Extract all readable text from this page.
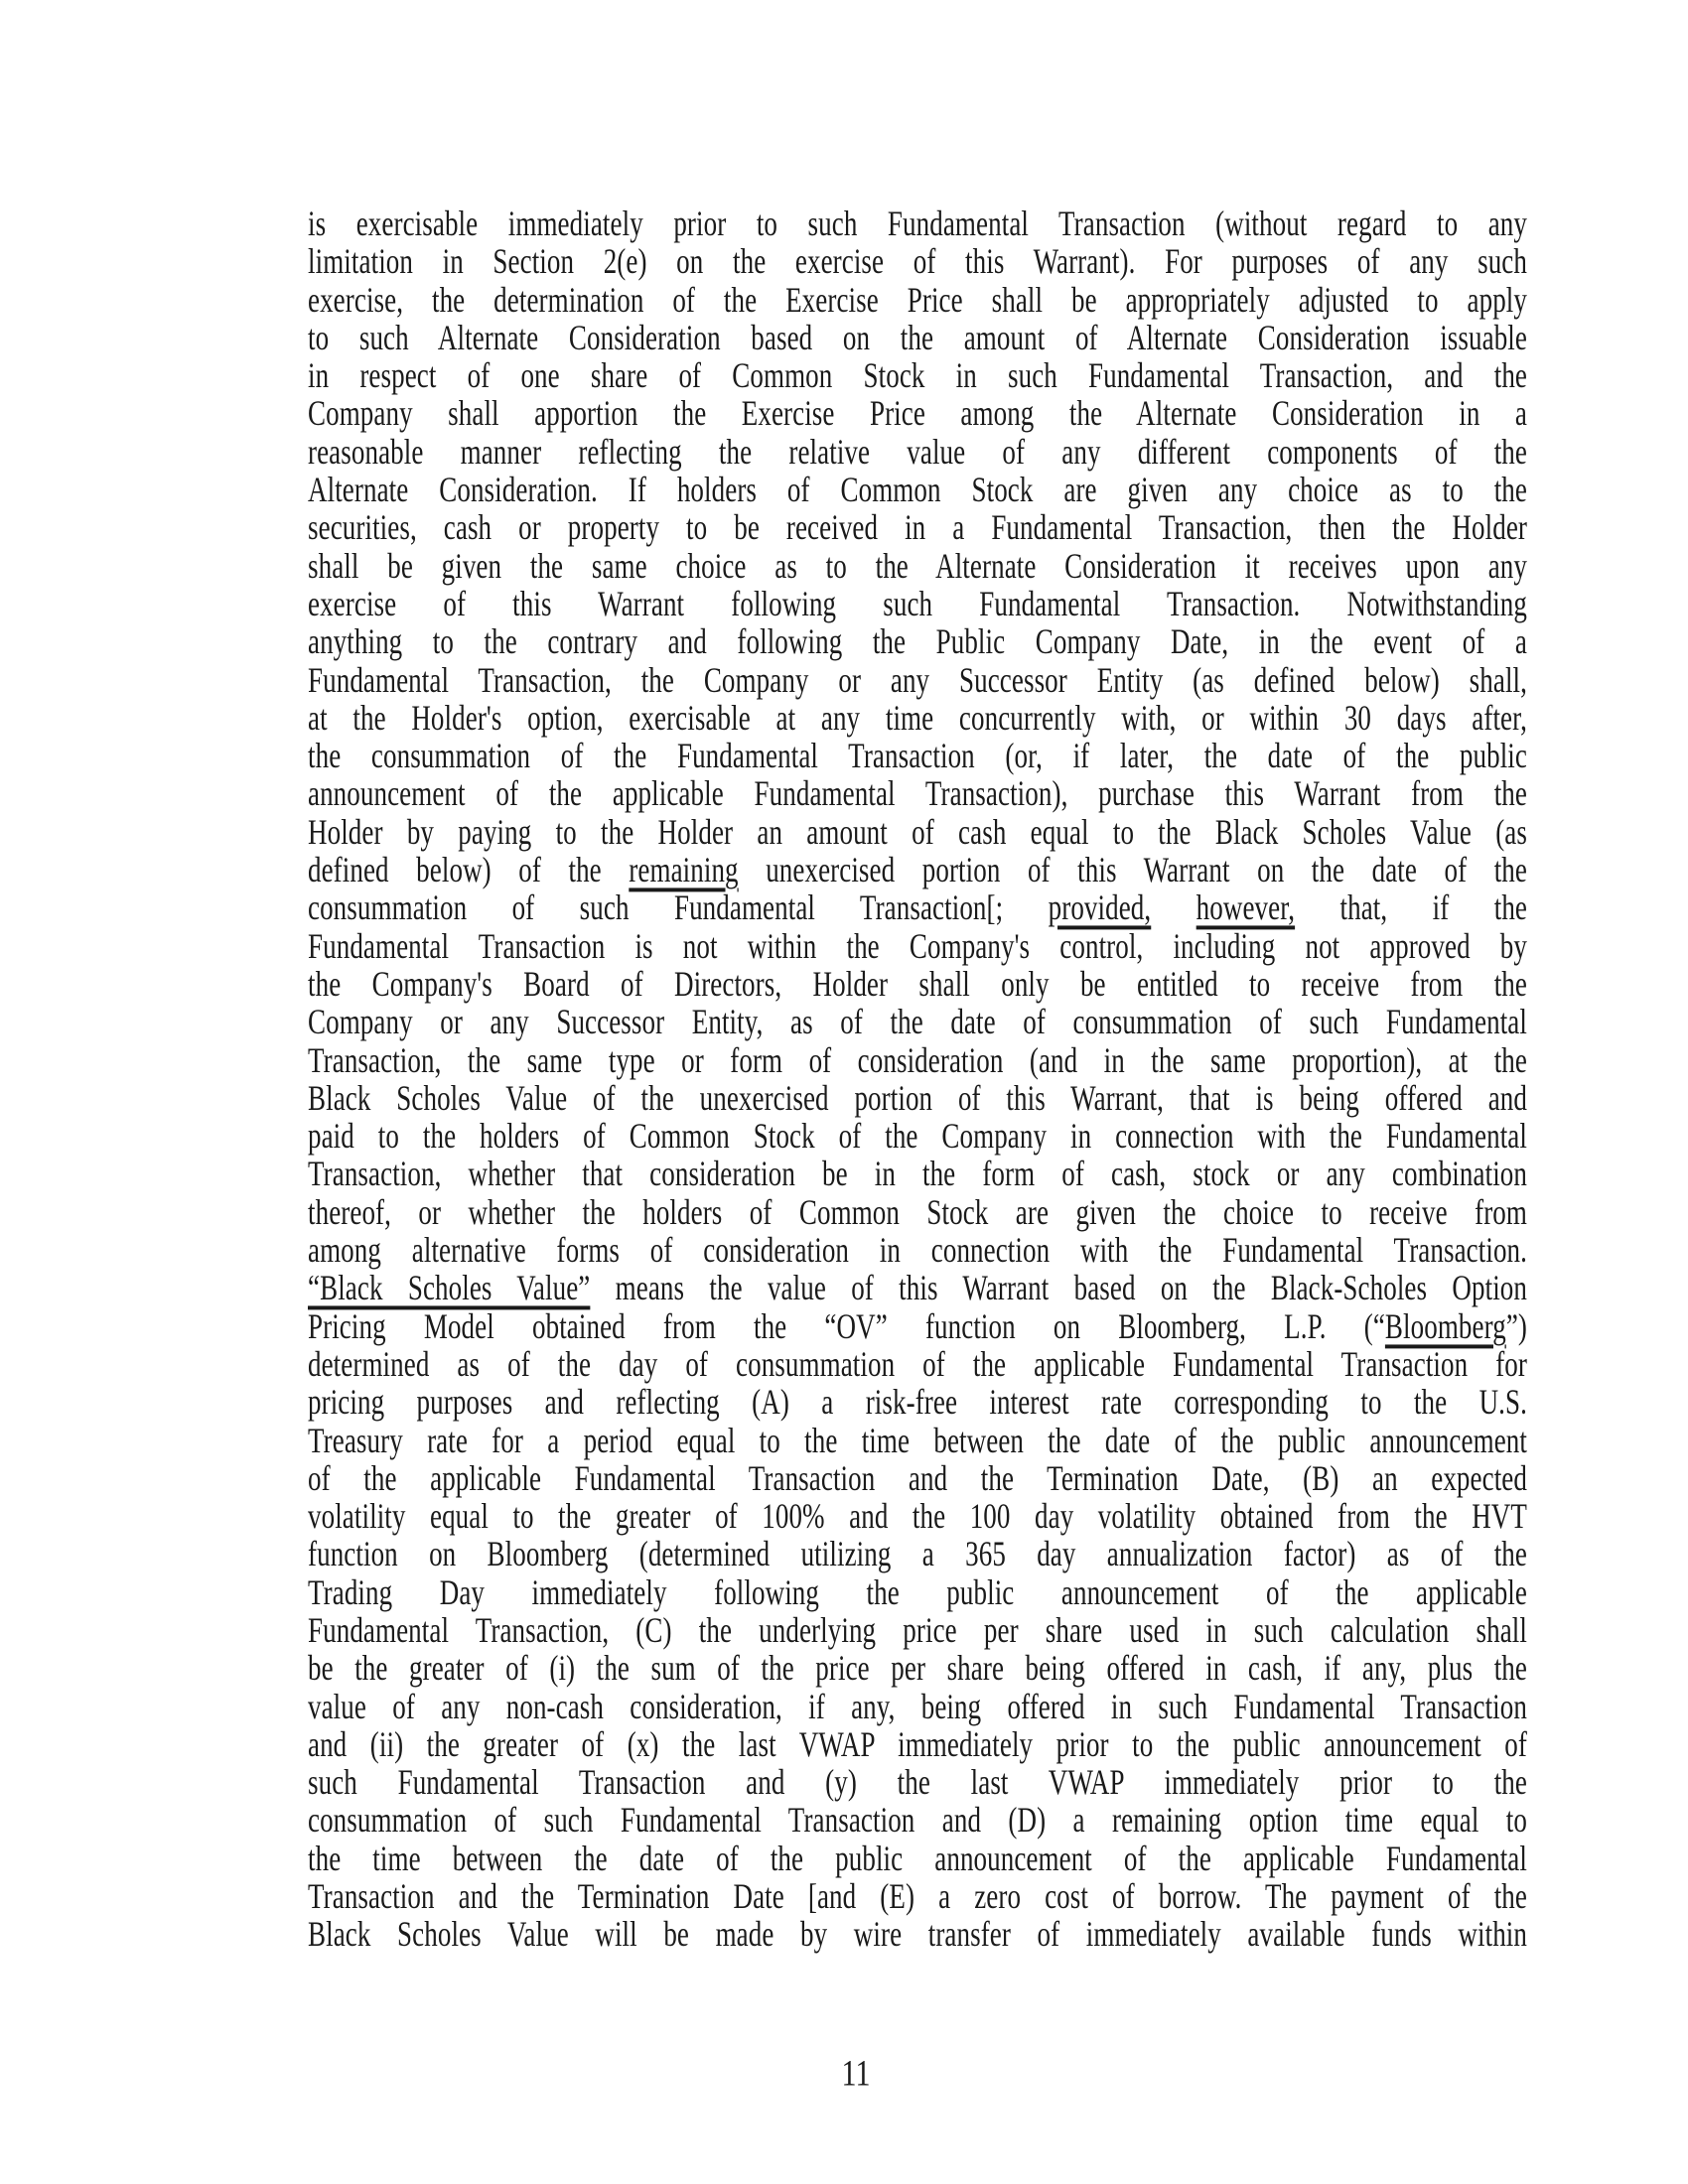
is exercisable immediately prior to such Fundamental Transaction (without regard to any
limitation in Section 2(e) on the exercise of this Warrant). For purposes of any such
exercise, the determination of the Exercise Price shall be appropriately adjusted to apply
to such Alternate Consideration based on the amount of Alternate Consideration issuable
in respect of one share of Common Stock in such Fundamental Transaction, and the
Company shall apportion the Exercise Price among the Alternate Consideration in a
reasonable manner reflecting the relative value of any different components of the
Alternate Consideration. If holders of Common Stock are given any choice as to the
securities, cash or property to be received in a Fundamental Transaction, then the Holder
shall be given the same choice as to the Alternate Consideration it receives upon any
exercise of this Warrant following such Fundamental Transaction. Notwithstanding
anything to the contrary and following the Public Company Date, in the event of a
Fundamental Transaction, the Company or any Successor Entity (as defined below) shall,
at the Holder's option, exercisable at any time concurrently with, or within 30 days after,
the consummation of the Fundamental Transaction (or, if later, the date of the public
announcement of the applicable Fundamental Transaction), purchase this Warrant from the
Holder by paying to the Holder an amount of cash equal to the Black Scholes Value (as
defined below) of the remaining unexercised portion of this Warrant on the date of the
consummation of such Fundamental Transaction[; provided, however, that, if the
Fundamental Transaction is not within the Company's control, including not approved by
the Company's Board of Directors, Holder shall only be entitled to receive from the
Company or any Successor Entity, as of the date of consummation of such Fundamental
Transaction, the same type or form of consideration (and in the same proportion), at the
Black Scholes Value of the unexercised portion of this Warrant, that is being offered and
paid to the holders of Common Stock of the Company in connection with the Fundamental
Transaction, whether that consideration be in the form of cash, stock or any combination
thereof, or whether the holders of Common Stock are given the choice to receive from
among alternative forms of consideration in connection with the Fundamental Transaction.
“Black Scholes Value” means the value of this Warrant based on the Black-Scholes Option
Pricing Model obtained from the “OV” function on Bloomberg, L.P. (“Bloomberg”)
determined as of the day of consummation of the applicable Fundamental Transaction for
pricing purposes and reflecting (A) a risk-free interest rate corresponding to the U.S.
Treasury rate for a period equal to the time between the date of the public announcement
of the applicable Fundamental Transaction and the Termination Date, (B) an expected
volatility equal to the greater of 100% and the 100 day volatility obtained from the HVT
function on Bloomberg (determined utilizing a 365 day annualization factor) as of the
Trading Day immediately following the public announcement of the applicable
Fundamental Transaction, (C) the underlying price per share used in such calculation shall
be the greater of (i) the sum of the price per share being offered in cash, if any, plus the
value of any non-cash consideration, if any, being offered in such Fundamental Transaction
and (ii) the greater of (x) the last VWAP immediately prior to the public announcement of
such Fundamental Transaction and (y) the last VWAP immediately prior to the
consummation of such Fundamental Transaction and (D) a remaining option time equal to
the time between the date of the public announcement of the applicable Fundamental
Transaction and the Termination Date [and (E) a zero cost of borrow. The payment of the
Black Scholes Value will be made by wire transfer of immediately available funds within
11
